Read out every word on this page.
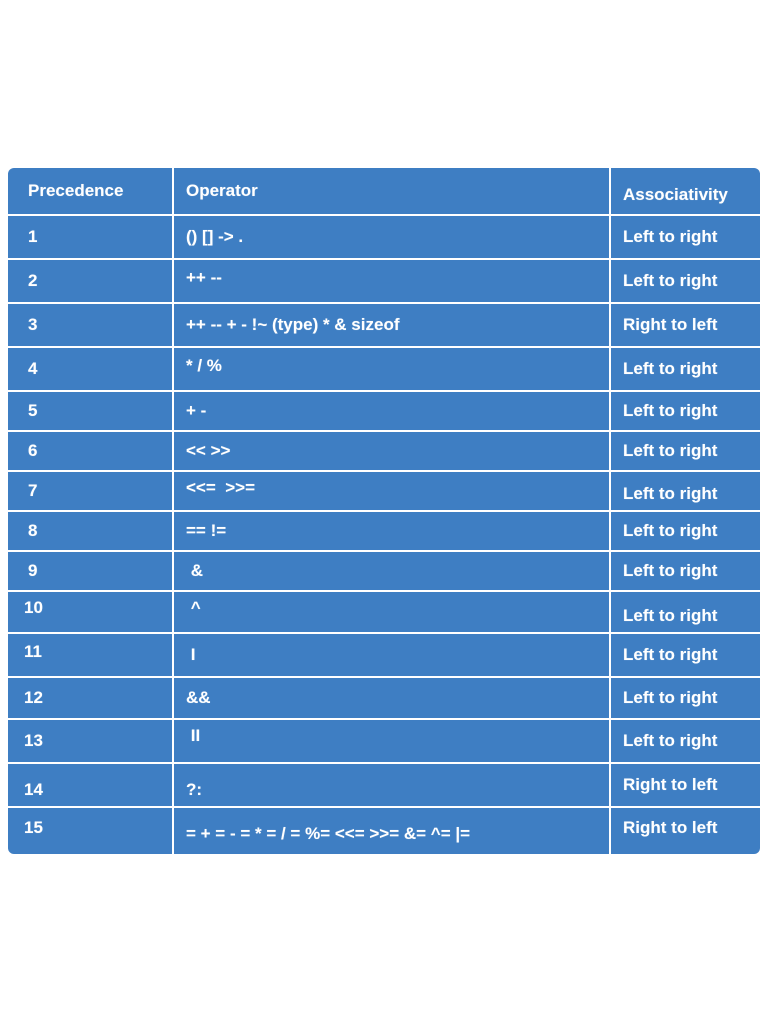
Precedence	Operator	Associativity
1	() [] -> .	Left to right
2	++ --	Left to right
3	++ -- + - !~ (type) * & sizeof	Right to left
4	* / %	Left to right
5	+ -	Left to right
6	<< >>	Left to right
7	<<=  >>=	Left to right
8	== !=	Left to right
9	&	Left to right
10	^	Left to right
11	I	Left to right
12	&&	Left to right
13	II	Left to right
14	?:	Right to left
15	= + = - = * = / = %= <<= >>= &= ^= |=	Right to left
